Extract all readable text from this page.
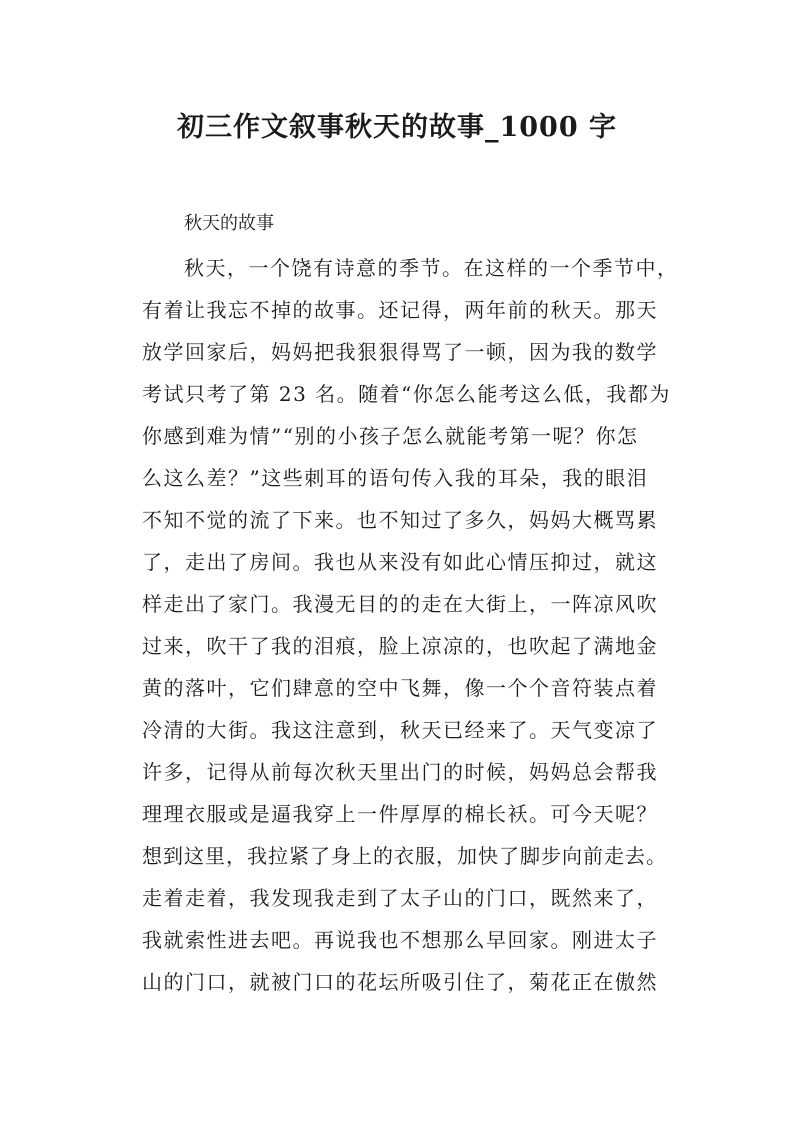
初三作文叙事秋天的故事_1000 字

秋天的故事

秋天，一个饶有诗意的季节。在这样的一个季节中，

有着让我忘不掉的故事。还记得，两年前的秋天。那天

放学回家后，妈妈把我狠狠得骂了一顿，因为我的数学

考试只考了第 23 名。随着“你怎么能考这么低，我都为

你感到难为情”“别的小孩子怎么就能考第一呢？你怎

么这么差？”这些刺耳的语句传入我的耳朵，我的眼泪

不知不觉的流了下来。也不知过了多久，妈妈大概骂累

了，走出了房间。我也从来没有如此心情压抑过，就这

样走出了家门。我漫无目的的走在大街上，一阵凉风吹

过来，吹干了我的泪痕，脸上凉凉的，也吹起了满地金

黄的落叶，它们肆意的空中飞舞，像一个个音符装点着

冷清的大街。我这注意到，秋天已经来了。天气变凉了

许多，记得从前每次秋天里出门的时候，妈妈总会帮我

理理衣服或是逼我穿上一件厚厚的棉长袄。可今天呢？

想到这里，我拉紧了身上的衣服，加快了脚步向前走去。

走着走着，我发现我走到了太子山的门口，既然来了，

我就索性进去吧。再说我也不想那么早回家。刚进太子

山的门口，就被门口的花坛所吸引住了，菊花正在傲然
